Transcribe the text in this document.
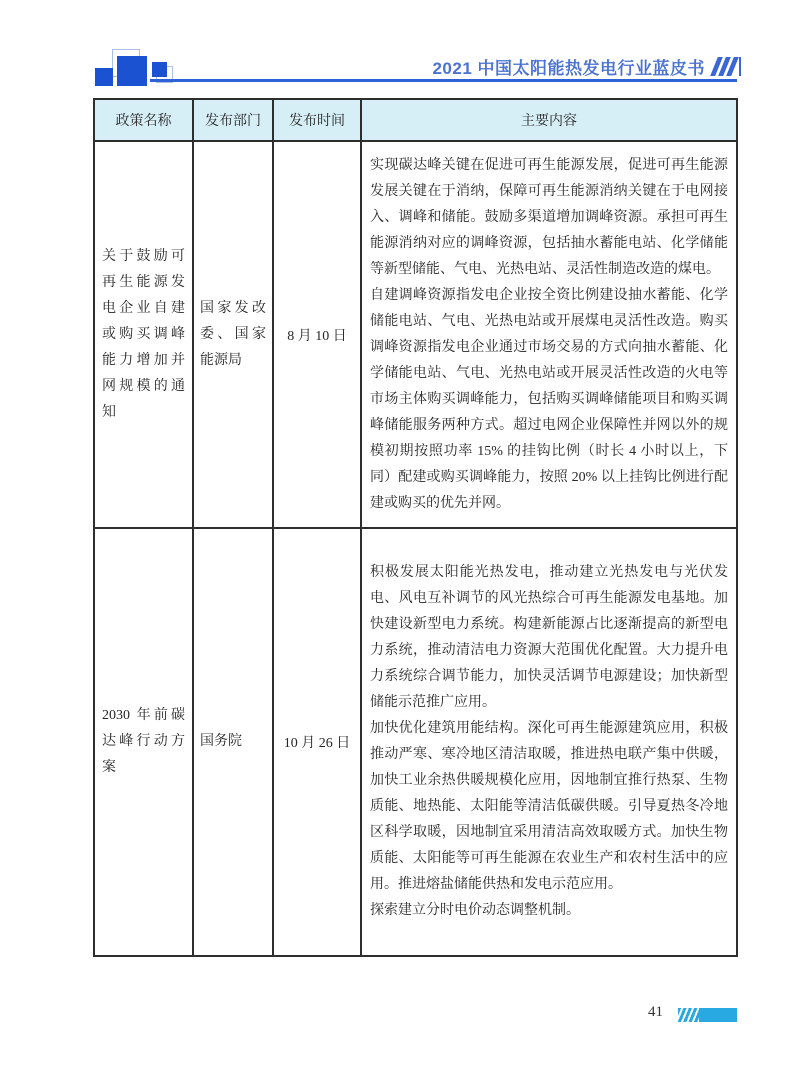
2021 中国太阳能热发电行业蓝皮书
政策名称	发布部门	发布时间	主要内容
关于鼓励可再生能源发电企业自建或购买调峰能力增加并网规模的通知	国家发改委、国家能源局	8 月 10 日	实现碳达峰关键在促进可再生能源发展，促进可再生能源发展关键在于消纳，保障可再生能源消纳关键在于电网接入、调峰和储能。鼓励多渠道增加调峰资源。承担可再生能源消纳对应的调峰资源，包括抽水蓄能电站、化学储能等新型储能、气电、光热电站、灵活性制造改造的煤电。

自建调峰资源指发电企业按全资比例建设抽水蓄能、化学储能电站、气电、光热电站或开展煤电灵活性改造。购买调峰资源指发电企业通过市场交易的方式向抽水蓄能、化学储能电站、气电、光热电站或开展灵活性改造的火电等市场主体购买调峰能力，包括购买调峰储能项目和购买调峰储能服务两种方式。超过电网企业保障性并网以外的规模初期按照功率 15% 的挂钩比例（时长 4 小时以上，下同）配建或购买调峰能力，按照 20% 以上挂钩比例进行配建或购买的优先并网。

2030 年前碳达峰行动方案	国务院	10 月 26 日	积极发展太阳能光热发电，推动建立光热发电与光伏发电、风电互补调节的风光热综合可再生能源发电基地。加快建设新型电力系统。构建新能源占比逐渐提高的新型电力系统，推动清洁电力资源大范围优化配置。大力提升电力系统综合调节能力，加快灵活调节电源建设；加快新型储能示范推广应用。

加快优化建筑用能结构。深化可再生能源建筑应用，积极推动严寒、寒冷地区清洁取暖，推进热电联产集中供暖，加快工业余热供暖规模化应用，因地制宜推行热泵、生物质能、地热能、太阳能等清洁低碳供暖。引导夏热冬冷地区科学取暖，因地制宜采用清洁高效取暖方式。加快生物质能、太阳能等可再生能源在农业生产和农村生活中的应用。推进熔盐储能供热和发电示范应用。

探索建立分时电价动态调整机制。

41
